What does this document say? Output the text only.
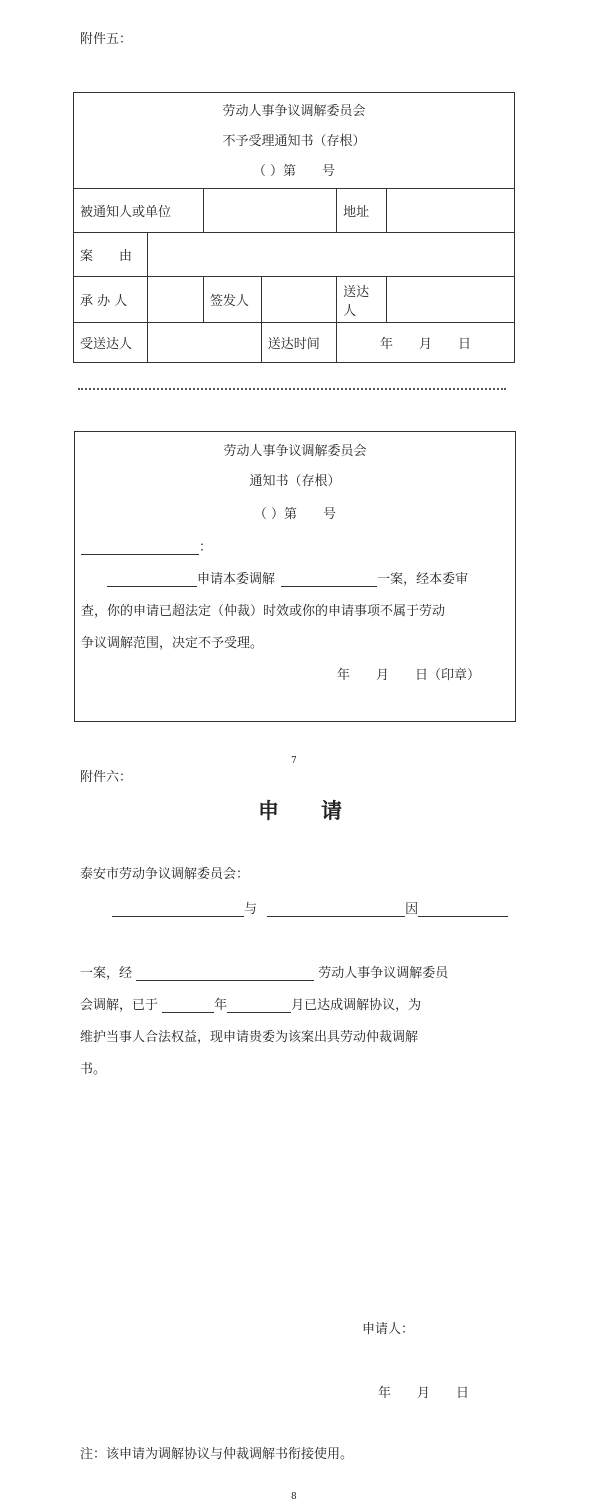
附件五：
劳动人事争议调解委员会
不予受理通知书（存根）
（ ）第　　号					

被通知人或单位				地址	
案　　由					
承 办 人		签发人		送达人	
受送达人			送达时间	年　　月　　日	
劳动人事争议调解委员会
通知书（存根）
（ ）第　　号
：
申请本委调解	一案，经本委审
查，你的申请已超法定（仲裁）时效或你的申请事项不属于劳动
争议调解范围，决定不予受理。
年　　月　　日（印章）
7
附件六：
申　　请
泰安市劳动争议调解委员会：
与	因
一案，经	劳动人事争议调解委员
会调解，已于	年	月已达成调解协议，为
维护当事人合法权益，现申请贵委为该案出具劳动仲裁调解
书。
申请人：
年　　月　　日
注：该申请为调解协议与仲裁调解书衔接使用。
8
